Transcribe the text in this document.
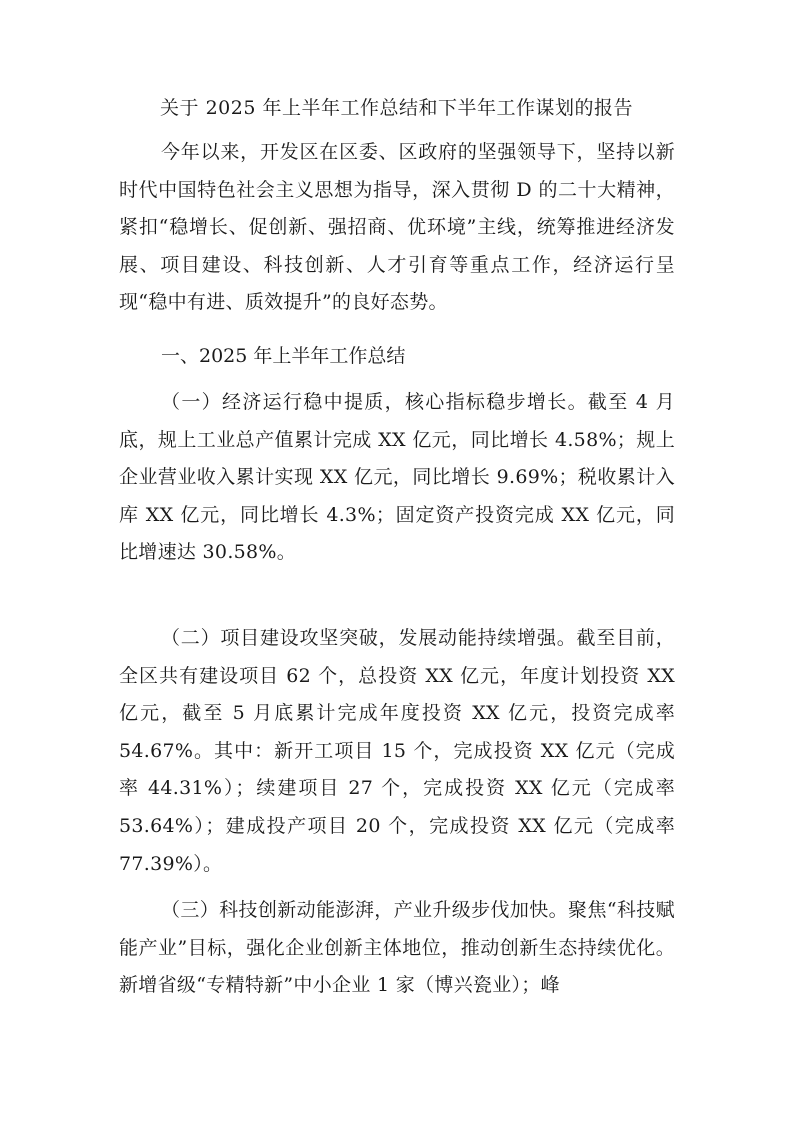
关于 2025 年上半年工作总结和下半年工作谋划的报告

今年以来，开发区在区委、区政府的坚强领导下，坚持以新时代中国特色社会主义思想为指导，深入贯彻 D 的二十大精神，紧扣“稳增长、促创新、强招商、优环境”主线，统筹推进经济发展、项目建设、科技创新、人才引育等重点工作，经济运行呈现“稳中有进、质效提升”的良好态势。

一、2025 年上半年工作总结

（一）经济运行稳中提质，核心指标稳步增长。截至 4 月底，规上工业总产值累计完成 XX 亿元，同比增长 4.58%；规上企业营业收入累计实现 XX 亿元，同比增长 9.69%；税收累计入库 XX 亿元，同比增长 4.3%；固定资产投资完成 XX 亿元，同比增速达 30.58%。

（二）项目建设攻坚突破，发展动能持续增强。截至目前，全区共有建设项目 62 个，总投资 XX 亿元，年度计划投资 XX 亿元，截至 5 月底累计完成年度投资 XX 亿元，投资完成率 54.67%。其中：新开工项目 15 个，完成投资 XX 亿元（完成率 44.31%）；续建项目 27 个，完成投资 XX 亿元（完成率 53.64%）；建成投产项目 20 个，完成投资 XX 亿元（完成率 77.39%）。

（三）科技创新动能澎湃，产业升级步伐加快。聚焦“科技赋能产业”目标，强化企业创新主体地位，推动创新生态持续优化。新增省级“专精特新”中小企业 1 家（博兴瓷业）；峰
